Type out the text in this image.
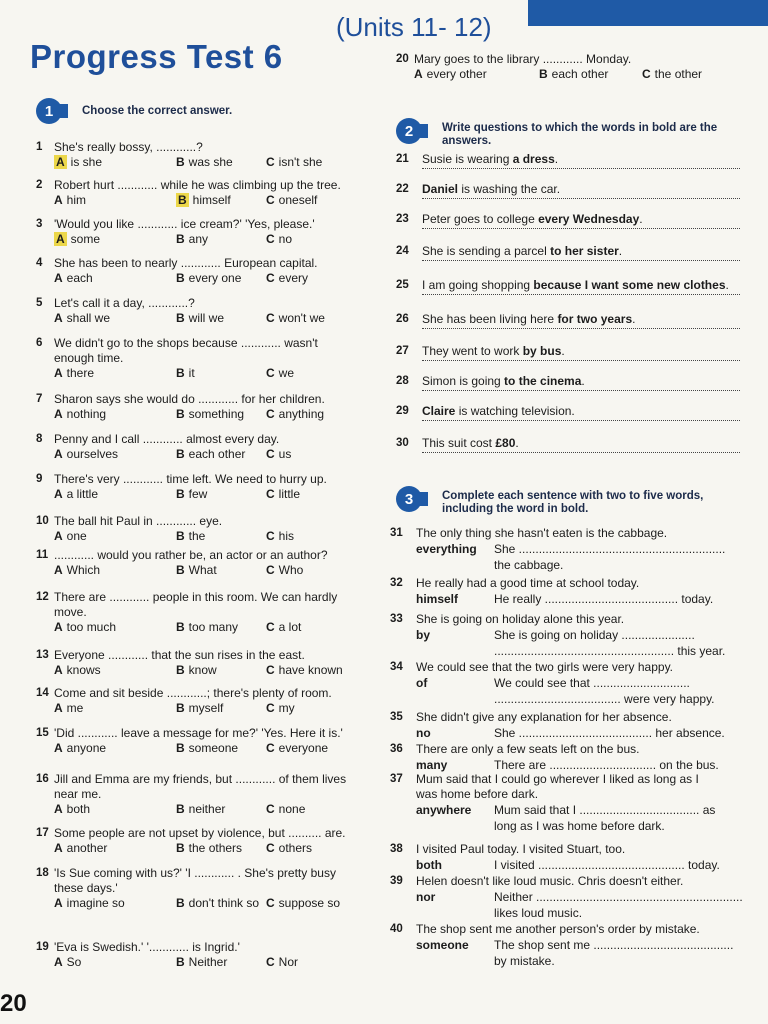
Progress Test 6
(Units 11- 12)
1	Choose the correct answer.
1 She's really bossy, ............?
A is she	B was she	C isn't she
2 Robert hurt ............ while he was climbing up the tree.
A him	B himself	C oneself
3 'Would you like ............ ice cream?' 'Yes, please.'
A some	B any	C no
4 She has been to nearly ............ European capital.
A each	B every one C every
5 Let's call it a day, ............?
A shall we	B will we	C won't we
6 We didn't go to the shops because ............ wasn't
enough time.
A there	B it	C we
7 Sharon says she would do ............ for her children.
A nothing	B something C anything
8 Penny and I call ............ almost every day.
A ourselves	B each other C us
9 There's very ............ time left. We need to hurry up.
A a little	B few	C little
10 The ball hit Paul in ............ eye.
A one	B the	C his
11 ............ would you rather be, an actor or an author?
A Which	B What	C Who
12 There are ............ people in this room. We can hardly
move.
A too much	B too many C a lot
13 Everyone ............ that the sun rises in the east.
A knows	B know	C have known
14 Come and sit beside ............; there's plenty of room.
A me	B myself	C my
15 'Did ............ leave a message for me?' 'Yes. Here it is.'
A anyone	B someone C everyone
16 Jill and Emma are my friends, but ............ of them lives
near me.
A both	B neither	C none
17 Some people are not upset by violence, but .......... are.
A another	B the others C others
18 'Is Sue coming with us?' 'I ............ . She's pretty busy
these days.'
A imagine so	B don't think so C suppose so
19 'Eva is Swedish.' '............ is Ingrid.'
A So	B Neither	C Nor
20 Mary goes to the library ............ Monday.
A every other	B each other	C the other
2	Write questions to which the words in bold are the answers.
21 Susie is wearing a dress.
22 Daniel is washing the car.
23 Peter goes to college every Wednesday.
24 She is sending a parcel to her sister.
25 I am going shopping because I want some new clothes.
26 She has been living here for two years.
27 They went to work by bus.
28 Simon is going to the cinema.
29 Claire is watching television.
30 This suit cost £80.
3	Complete each sentence with two to five words, including the word in bold.
31 The only thing she hasn't eaten is the cabbage.
everything She ..............................................................
the cabbage.
32 He really had a good time at school today.
himself	He really ........................................ today.
33 She is going on holiday alone this year.
by	She is going on holiday ......................
...................................................... this year.
34 We could see that the two girls were very happy.
of	We could see that .............................
...................................... were very happy.
35 She didn't give any explanation for her absence.
no	She ........................................ her absence.
36 There are only a few seats left on the bus.
many	There are ................................ on the bus.
37 Mum said that I could go wherever I liked as long as I
was home before dark.
anywhere Mum said that I .................................... as
long as I was home before dark.
38 I visited Paul today. I visited Stuart, too.
both	I visited ............................................ today.
39 Helen doesn't like loud music. Chris doesn't either.
nor	Neither ..............................................................
likes loud music.
40 The shop sent me another person's order by mistake.
someone The shop sent me ..........................................
by mistake.
20
